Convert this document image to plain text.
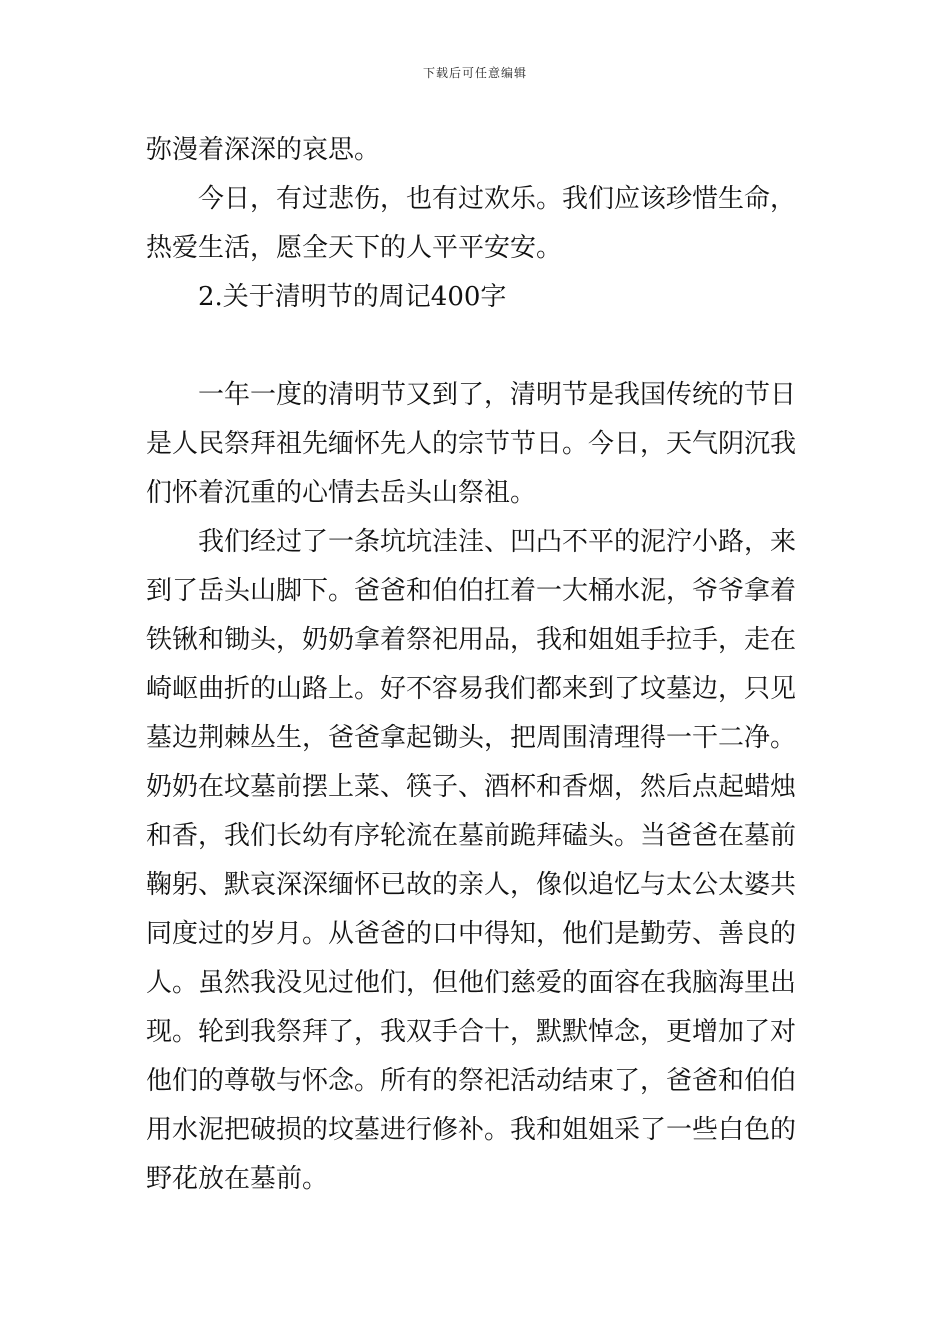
下载后可任意编辑
弥漫着深深的哀思。
今日，有过悲伤，也有过欢乐。我们应该珍惜生命，
热爱生活，愿全天下的人平平安安。
2.关于清明节的周记400字
一年一度的清明节又到了，清明节是我国传统的节日
是人民祭拜祖先缅怀先人的宗节节日。今日，天气阴沉我
们怀着沉重的心情去岳头山祭祖。
我们经过了一条坑坑洼洼、凹凸不平的泥泞小路，来
到了岳头山脚下。爸爸和伯伯扛着一大桶水泥，爷爷拿着
铁锹和锄头，奶奶拿着祭祀用品，我和姐姐手拉手，走在
崎岖曲折的山路上。好不容易我们都来到了坟墓边，只见
墓边荆棘丛生，爸爸拿起锄头，把周围清理得一干二净。
奶奶在坟墓前摆上菜、筷子、酒杯和香烟，然后点起蜡烛
和香，我们长幼有序轮流在墓前跪拜磕头。当爸爸在墓前
鞠躬、默哀深深缅怀已故的亲人，像似追忆与太公太婆共
同度过的岁月。从爸爸的口中得知，他们是勤劳、善良的
人。虽然我没见过他们，但他们慈爱的面容在我脑海里出
现。轮到我祭拜了，我双手合十，默默悼念，更增加了对
他们的尊敬与怀念。所有的祭祀活动结束了，爸爸和伯伯
用水泥把破损的坟墓进行修补。我和姐姐采了一些白色的
野花放在墓前。
